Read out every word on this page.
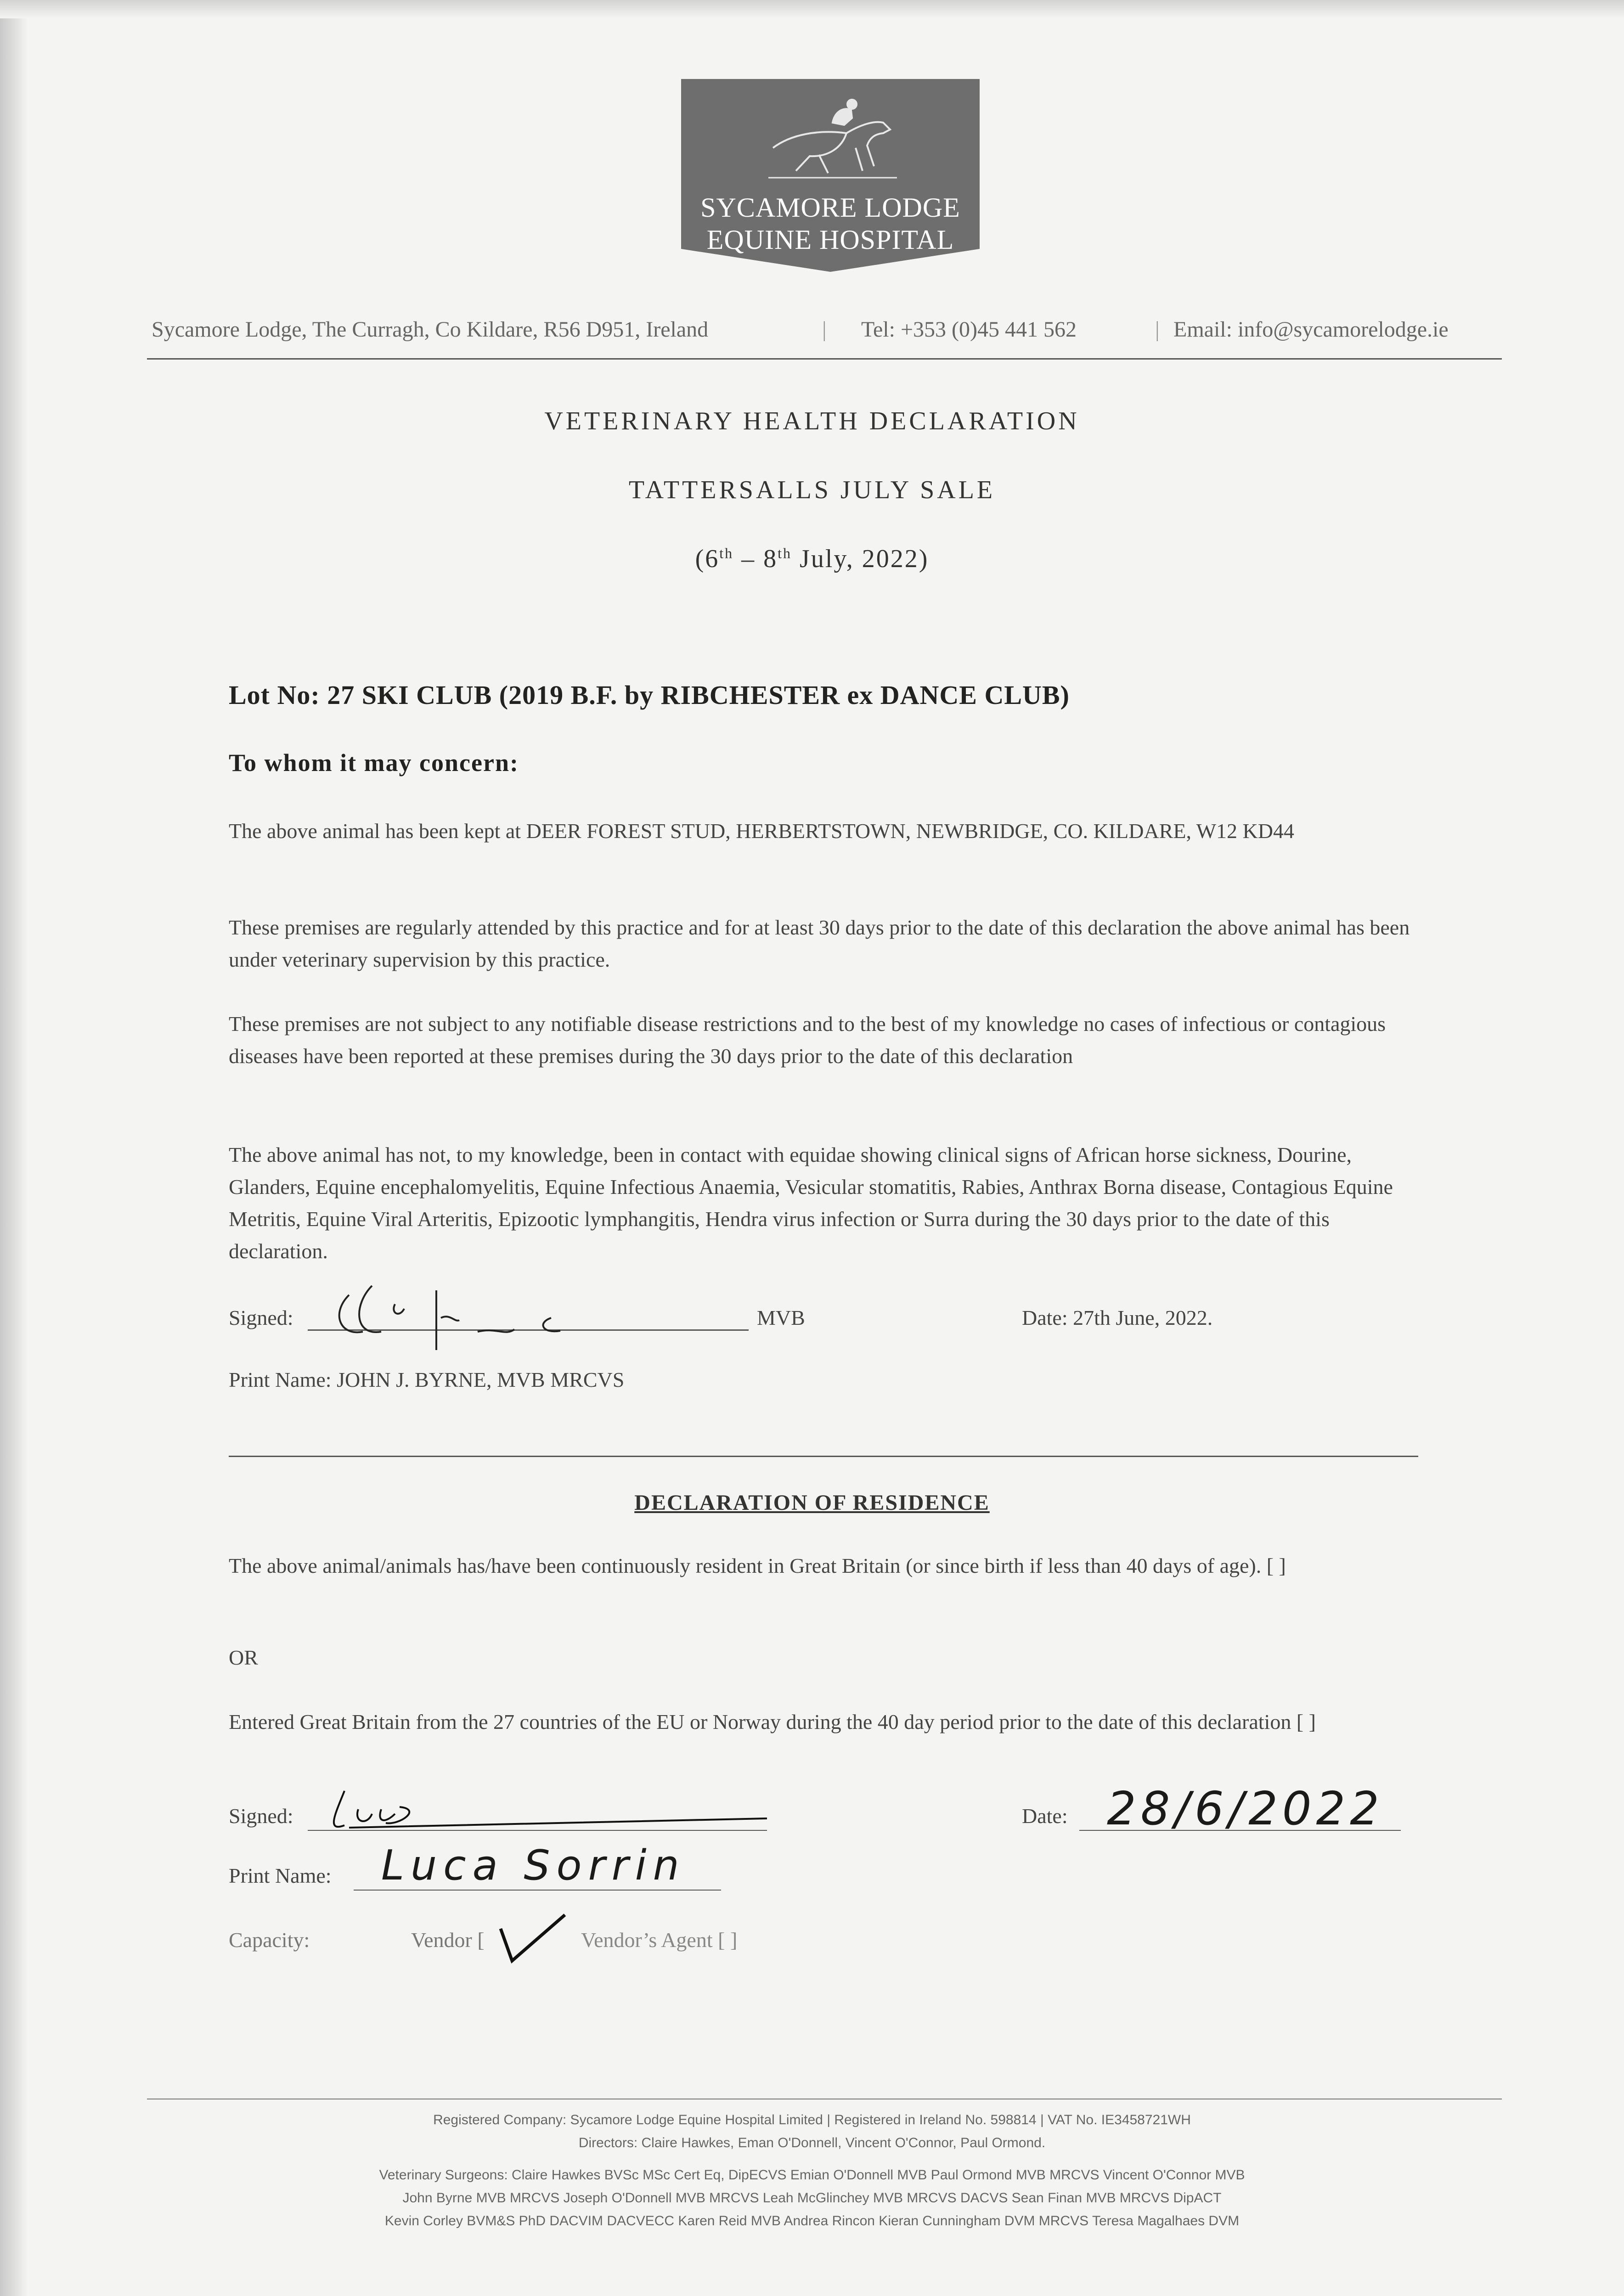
SYCAMORE LODGE
EQUINE HOSPITAL
Sycamore Lodge, The Curragh, Co Kildare, R56 D951, Ireland	| Tel: +353 (0)45 441 562	| Email: info@sycamorelodge.ie
VETERINARY HEALTH DECLARATION
TATTERSALLS JULY SALE
(6th – 8th July, 2022)
Lot No: 27 SKI CLUB (2019 B.F. by RIBCHESTER ex DANCE CLUB)
To whom it may concern:
The above animal has been kept at DEER FOREST STUD, HERBERTSTOWN, NEWBRIDGE, CO. KILDARE, W12 KD44
These premises are regularly attended by this practice and for at least 30 days prior to the date of this declaration the above animal has been under veterinary supervision by this practice.
These premises are not subject to any notifiable disease restrictions and to the best of my knowledge no cases of infectious or contagious diseases have been reported at these premises during the 30 days prior to the date of this declaration
The above animal has not, to my knowledge, been in contact with equidae showing clinical signs of African horse sickness, Dourine, Glanders, Equine encephalomyelitis, Equine Infectious Anaemia, Vesicular stomatitis, Rabies, Anthrax Borna disease, Contagious Equine Metritis, Equine Viral Arteritis, Epizootic lymphangitis, Hendra virus infection or Surra during the 30 days prior to the date of this declaration.
Signed:	MVB	Date: 27th June, 2022.
Print Name: JOHN J. BYRNE, MVB MRCVS
DECLARATION OF RESIDENCE
The above animal/animals has/have been continuously resident in Great Britain (or since birth if less than 40 days of age). [ ]
OR
Entered Great Britain from the 27 countries of the EU or Norway during the 40 day period prior to the date of this declaration [ ]
Signed:	Date: 28/6/2022
Print Name:	Luca Sorrin
Capacity:	Vendor [	Vendor’s Agent [ ]
Registered Company: Sycamore Lodge Equine Hospital Limited | Registered in Ireland No. 598814 | VAT No. IE3458721WH
Directors: Claire Hawkes, Eman O'Donnell, Vincent O'Connor, Paul Ormond.
Veterinary Surgeons: Claire Hawkes BVSc MSc Cert Eq, DipECVS Emian O'Donnell MVB Paul Ormond MVB MRCVS Vincent O'Connor MVB
John Byrne MVB MRCVS Joseph O'Donnell MVB MRCVS Leah McGlinchey MVB MRCVS DACVS Sean Finan MVB MRCVS DipACT
Kevin Corley BVM&S PhD DACVIM DACVECC Karen Reid MVB Andrea Rincon Kieran Cunningham DVM MRCVS Teresa Magalhaes DVM
